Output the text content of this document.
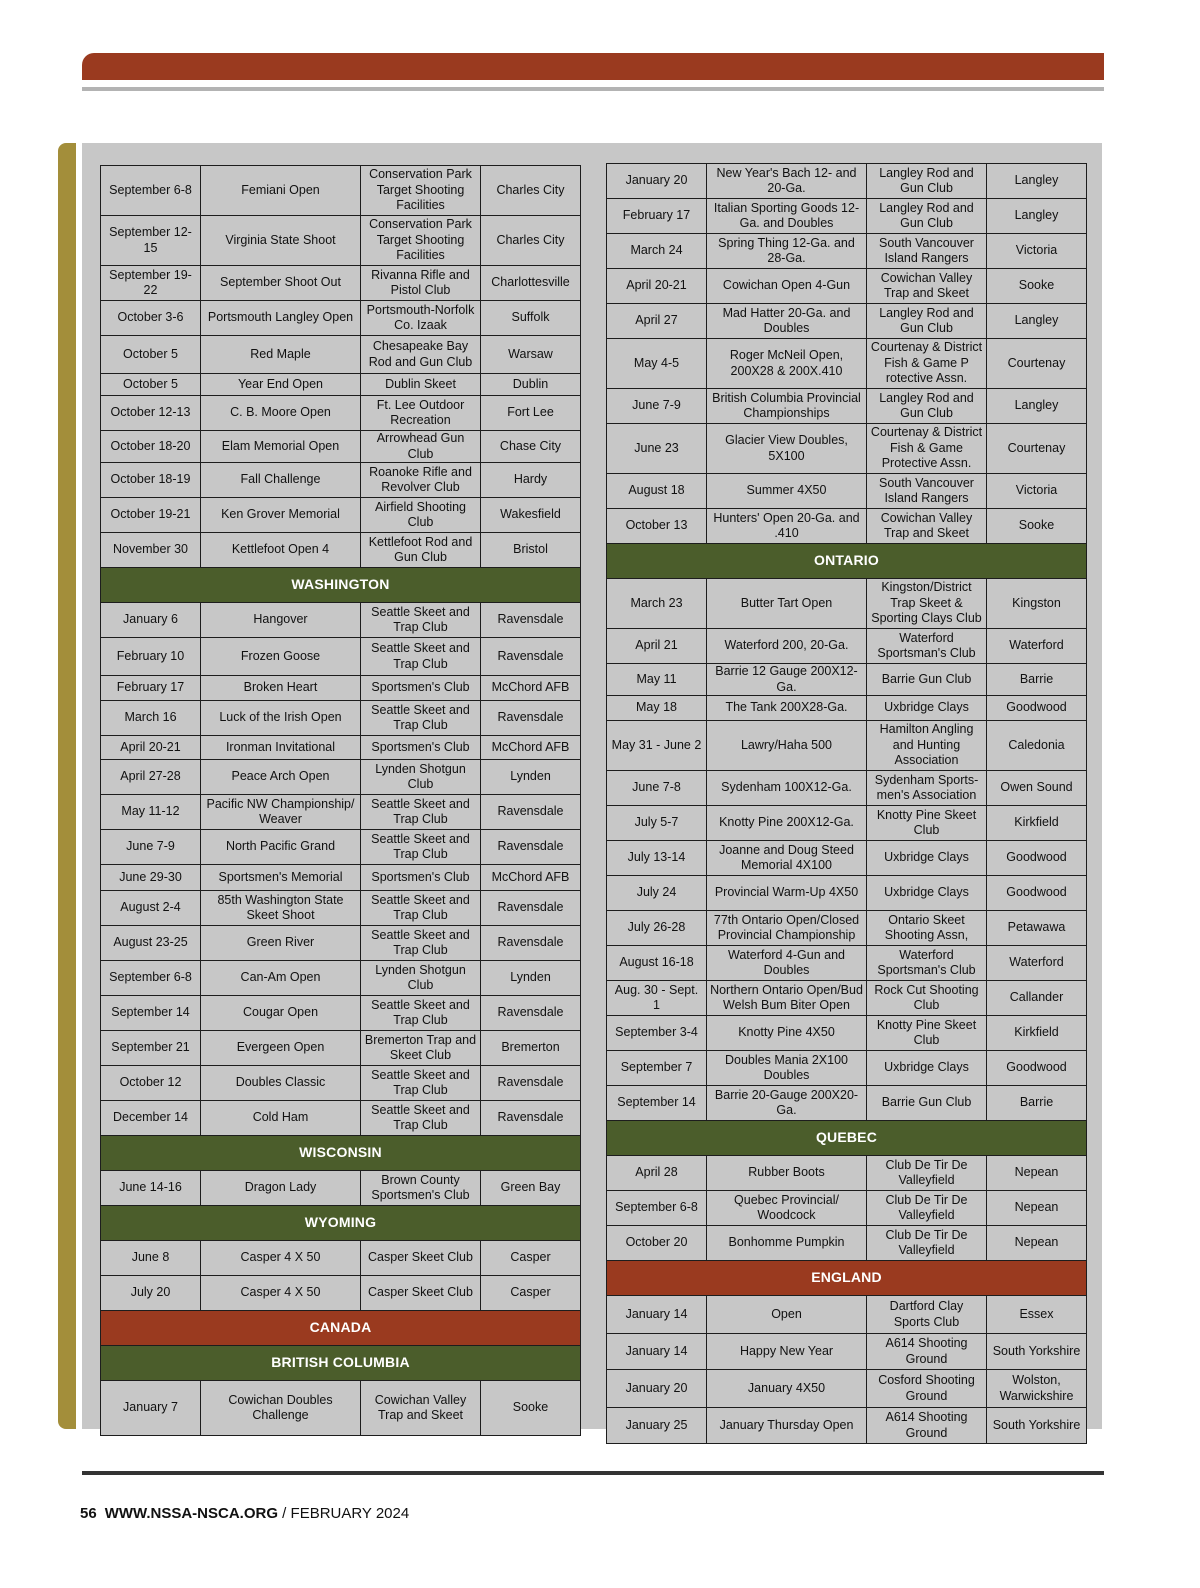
September 6-8	Femiani Open	Conservation Park Target Shooting Facilities	Charles City
September 12-15	Virginia State Shoot	Conservation Park Target Shooting Facilities	Charles City
September 19-22	September Shoot Out	Rivanna Rifle and Pistol Club	Charlottesville
October 3-6	Portsmouth Langley Open	Portsmouth-Norfolk Co. Izaak	Suffolk
October 5	Red Maple	Chesapeake Bay Rod and Gun Club	Warsaw
October 5	Year End Open	Dublin Skeet	Dublin
October 12-13	C. B. Moore Open	Ft. Lee Outdoor Recreation	Fort Lee
October 18-20	Elam Memorial Open	Arrowhead Gun Club	Chase City
October 18-19	Fall Challenge	Roanoke Rifle and Revolver Club	Hardy
October 19-21	Ken Grover Memorial	Airfield Shooting Club	Wakesfield
November 30	Kettlefoot Open 4	Kettlefoot Rod and Gun Club	Bristol
WASHINGTON			
January 6	Hangover	Seattle Skeet and Trap Club	Ravensdale
February 10	Frozen Goose	Seattle Skeet and Trap Club	Ravensdale
February 17	Broken Heart	Sportsmen's Club	McChord AFB
March 16	Luck of the Irish Open	Seattle Skeet and Trap Club	Ravensdale
April 20-21	Ironman Invitational	Sportsmen's Club	McChord AFB
April 27-28	Peace Arch Open	Lynden Shotgun Club	Lynden
May 11-12	Pacific NW Championship/ Weaver	Seattle Skeet and Trap Club	Ravensdale
June 7-9	North Pacific Grand	Seattle Skeet and Trap Club	Ravensdale
June 29-30	Sportsmen's Memorial	Sportsmen's Club	McChord AFB
August 2-4	85th Washington State Skeet Shoot	Seattle Skeet and Trap Club	Ravensdale
August 23-25	Green River	Seattle Skeet and Trap Club	Ravensdale
September 6-8	Can-Am Open	Lynden Shotgun Club	Lynden
September 14	Cougar Open	Seattle Skeet and Trap Club	Ravensdale
September 21	Evergeen Open	Bremerton Trap and Skeet Club	Bremerton
October 12	Doubles Classic	Seattle Skeet and Trap Club	Ravensdale
December 14	Cold Ham	Seattle Skeet and Trap Club	Ravensdale
WISCONSIN			
June 14-16	Dragon Lady	Brown County Sportsmen's Club	Green Bay
WYOMING			
June 8	Casper 4 X 50	Casper Skeet Club	Casper
July 20	Casper 4 X 50	Casper Skeet Club	Casper
CANADA			
BRITISH COLUMBIA			
January 7	Cowichan Doubles Challenge	Cowichan Valley Trap and Skeet	Sooke
January 20	New Year's Bach 12- and 20-Ga.	Langley Rod and Gun Club	Langley
February 17	Italian Sporting Goods 12-Ga. and Doubles	Langley Rod and Gun Club	Langley
March 24	Spring Thing 12-Ga. and 28-Ga.	South Vancouver Island Rangers	Victoria
April 20-21	Cowichan Open 4-Gun	Cowichan Valley Trap and Skeet	Sooke
April 27	Mad Hatter 20-Ga. and Doubles	Langley Rod and Gun Club	Langley
May 4-5	Roger McNeil Open, 200X28 & 200X.410	Courtenay & District Fish & Game P rotective Assn.	Courtenay
June 7-9	British Columbia Provincial Championships	Langley Rod and Gun Club	Langley
June 23	Glacier View Doubles, 5X100	Courtenay & District Fish & Game Protective Assn.	Courtenay
August 18	Summer 4X50	South Vancouver Island Rangers	Victoria
October 13	Hunters' Open 20-Ga. and .410	Cowichan Valley Trap and Skeet	Sooke
ONTARIO			
March 23	Butter Tart Open	Kingston/District Trap Skeet & Sporting Clays Club	Kingston
April 21	Waterford 200, 20-Ga.	Waterford Sportsman's Club	Waterford
May 11	Barrie 12 Gauge 200X12-Ga.	Barrie Gun Club	Barrie
May 18	The Tank 200X28-Ga.	Uxbridge Clays	Goodwood
May 31 - June 2	Lawry/Haha 500	Hamilton Angling and Hunting Association	Caledonia
June 7-8	Sydenham 100X12-Ga.	Sydenham Sports-men's Association	Owen Sound
July 5-7	Knotty Pine 200X12-Ga.	Knotty Pine Skeet Club	Kirkfield
July 13-14	Joanne and Doug Steed Memorial 4X100	Uxbridge Clays	Goodwood
July 24	Provincial Warm-Up 4X50	Uxbridge Clays	Goodwood
July 26-28	77th Ontario Open/Closed Provincial Championship	Ontario Skeet Shooting Assn,	Petawawa
August 16-18	Waterford 4-Gun and Doubles	Waterford Sportsman's Club	Waterford
Aug. 30 - Sept. 1	Northern Ontario Open/Bud Welsh Bum Biter Open	Rock Cut Shooting Club	Callander
September 3-4	Knotty Pine 4X50	Knotty Pine Skeet Club	Kirkfield
September 7	Doubles Mania 2X100 Doubles	Uxbridge Clays	Goodwood
September 14	Barrie 20-Gauge 200X20-Ga.	Barrie Gun Club	Barrie
QUEBEC			
April 28	Rubber Boots	Club De Tir De Valleyfield	Nepean
September 6-8	Quebec Provincial/ Woodcock	Club De Tir De Valleyfield	Nepean
October 20	Bonhomme Pumpkin	Club De Tir De Valleyfield	Nepean
ENGLAND			
January 14	Open	Dartford Clay Sports Club	Essex
January 14	Happy New Year	A614 Shooting Ground	South Yorkshire
January 20	January 4X50	Cosford Shooting Ground	Wolston, Warwickshire
January 25	January Thursday Open	A614 Shooting Ground	South Yorkshire
56 WWW.NSSA-NSCA.ORG / FEBRUARY 2024
